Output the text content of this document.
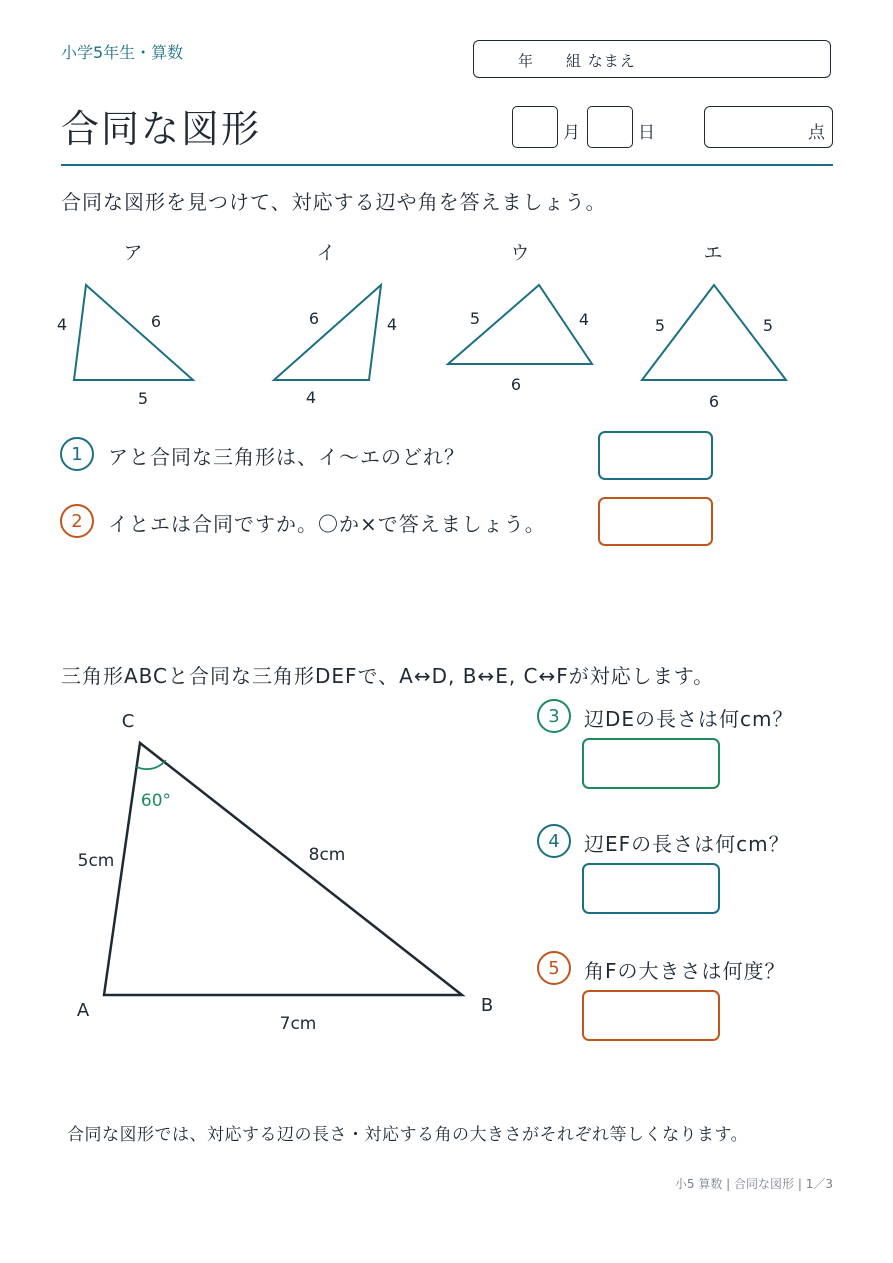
小学5年生・算数	年　　組 なまえ
合同な図形	月	日	点
合同な図形を見つけて、対応する辺や角を答えましょう。
ア	イ	ウ	エ
4	6
5
6	4
4
5	4
6
5	5
6
1	アと合同な三角形は、イ〜エのどれ？
2	イとエは合同ですか。〇か×で答えましょう。
三角形ABCと合同な三角形DEFで、A↔D, B↔E, C↔Fが対応します。
C
A	B
5cm	8cm
7cm
60°
3	辺DEの長さは何cm？
4	辺EFの長さは何cm？
5	角Fの大きさは何度？
合同な図形では、対応する辺の長さ・対応する角の大きさがそれぞれ等しくなります。
小5 算数 | 合同な図形 | 1／3
